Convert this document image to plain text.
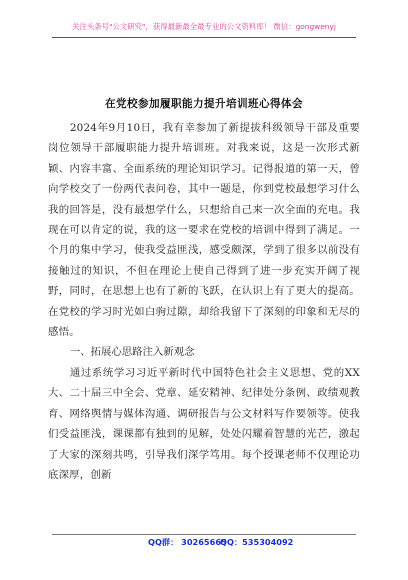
关注头条号"公文研究"，获得最新最全最专业的公文资料库！ 微信：gongwenyj
在党校参加履职能力提升培训班心得体会

2024年9月10日，我有幸参加了新提拔科级领导干部及重要岗位领导干部履职能力提升培训班。对我来说，这是一次形式新颖、内容丰富、全面系统的理论知识学习。记得报道的第一天，曾向学校交了一份两代表问卷，其中一题是，你到党校最想学习什么我的回答是，没有最想学什么，只想给自己来一次全面的充电。我现在可以肯定的说，我的这一要求在党校的培训中得到了满足。一个月的集中学习，使我受益匪浅，感受颇深，学到了很多以前没有接触过的知识，不但在理论上使自己得到了进一步充实开阔了视野，同时，在思想上也有了新的飞跃，在认识上有了更大的提高。在党校的学习时光如白驹过隙，却给我留下了深刻的印象和无尽的感悟。

一、拓展心思路注入新观念

通过系统学习习近平新时代中国特色社会主义思想、党的XX大、二十届三中全会、党章、延安精神、纪律处分条例、政绩观教育、网络舆情与媒体沟通、调研报告与公文材料写作要领等。使我们受益匪浅，课课都有独到的见解，处处闪耀着智慧的光芒，激起了大家的深刻共鸣，引导我们深学笃用。每个授课老师不仅理论功底深厚，创新

QQ群： 30265665
QQ：535304092
